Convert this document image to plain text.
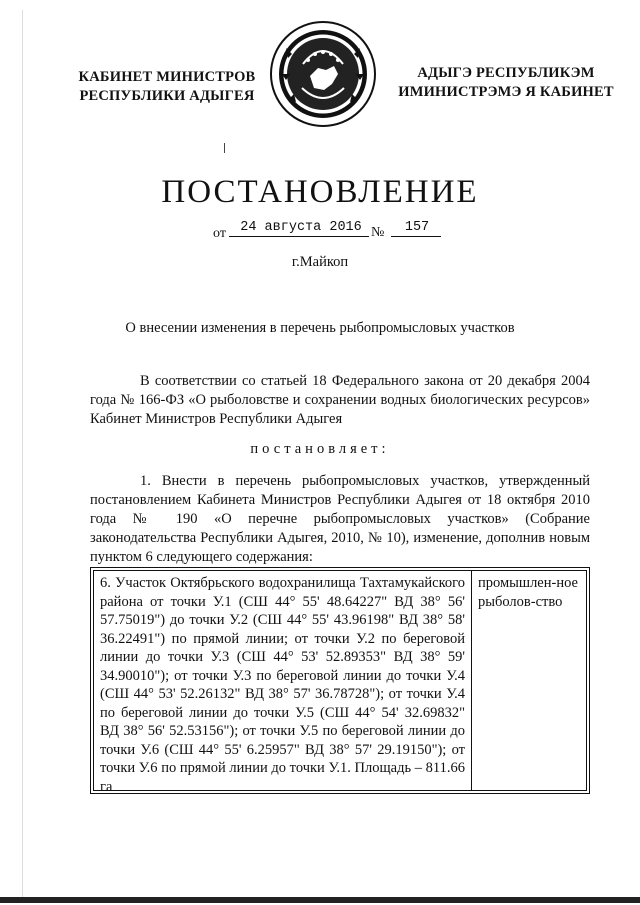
КАБИНЕТ МИНИСТРОВ
РЕСПУБЛИКИ АДЫГЕЯ
АДЫГЭ РЕСПУБЛИКЭМ
ИМИНИСТРЭМЭ Я КАБИНЕТ
ПОСТАНОВЛЕНИЕ
от	24 августа 2016 №	157
г.Майкоп
О внесении изменения в перечень рыбопромысловых участков
В соответствии со статьей 18 Федерального закона от 20 декабря 2004 года № 166-ФЗ «О рыболовстве и сохранении водных биологических ресурсов» Кабинет Министров Республики Адыгея
постановляет:
1. Внести в перечень рыбопромысловых участков, утвержденный постановлением Кабинета Министров Республики Адыгея от 18 октября 2010 года № 190 «О перечне рыбопромысловых участков» (Собрание законодательства Республики Адыгея, 2010, № 10), изменение, дополнив новым пунктом 6 следующего содержания:
6. Участок Октябрьского водохранилища Тахтамукайского района от точки У.1 (СШ 44° 55' 48.64227" ВД 38° 56' 57.75019") до точки У.2 (СШ 44° 55' 43.96198" ВД 38° 58' 36.22491") по прямой линии; от точки У.2 по береговой линии до точки У.3 (СШ 44° 53' 52.89353" ВД 38° 59' 34.90010"); от точки У.3 по береговой линии до точки У.4 (СШ 44° 53' 52.26132" ВД 38° 57' 36.78728"); от точки У.4 по береговой линии до точки У.5 (СШ 44° 54' 32.69832" ВД 38° 56' 52.53156"); от точки У.5 по береговой линии до точки У.6 (СШ 44° 55' 6.25957" ВД 38° 57' 29.19150"); от точки У.6 по прямой линии до точки У.1. Площадь – 811.66 га
промышлен-ное рыболов-ство
